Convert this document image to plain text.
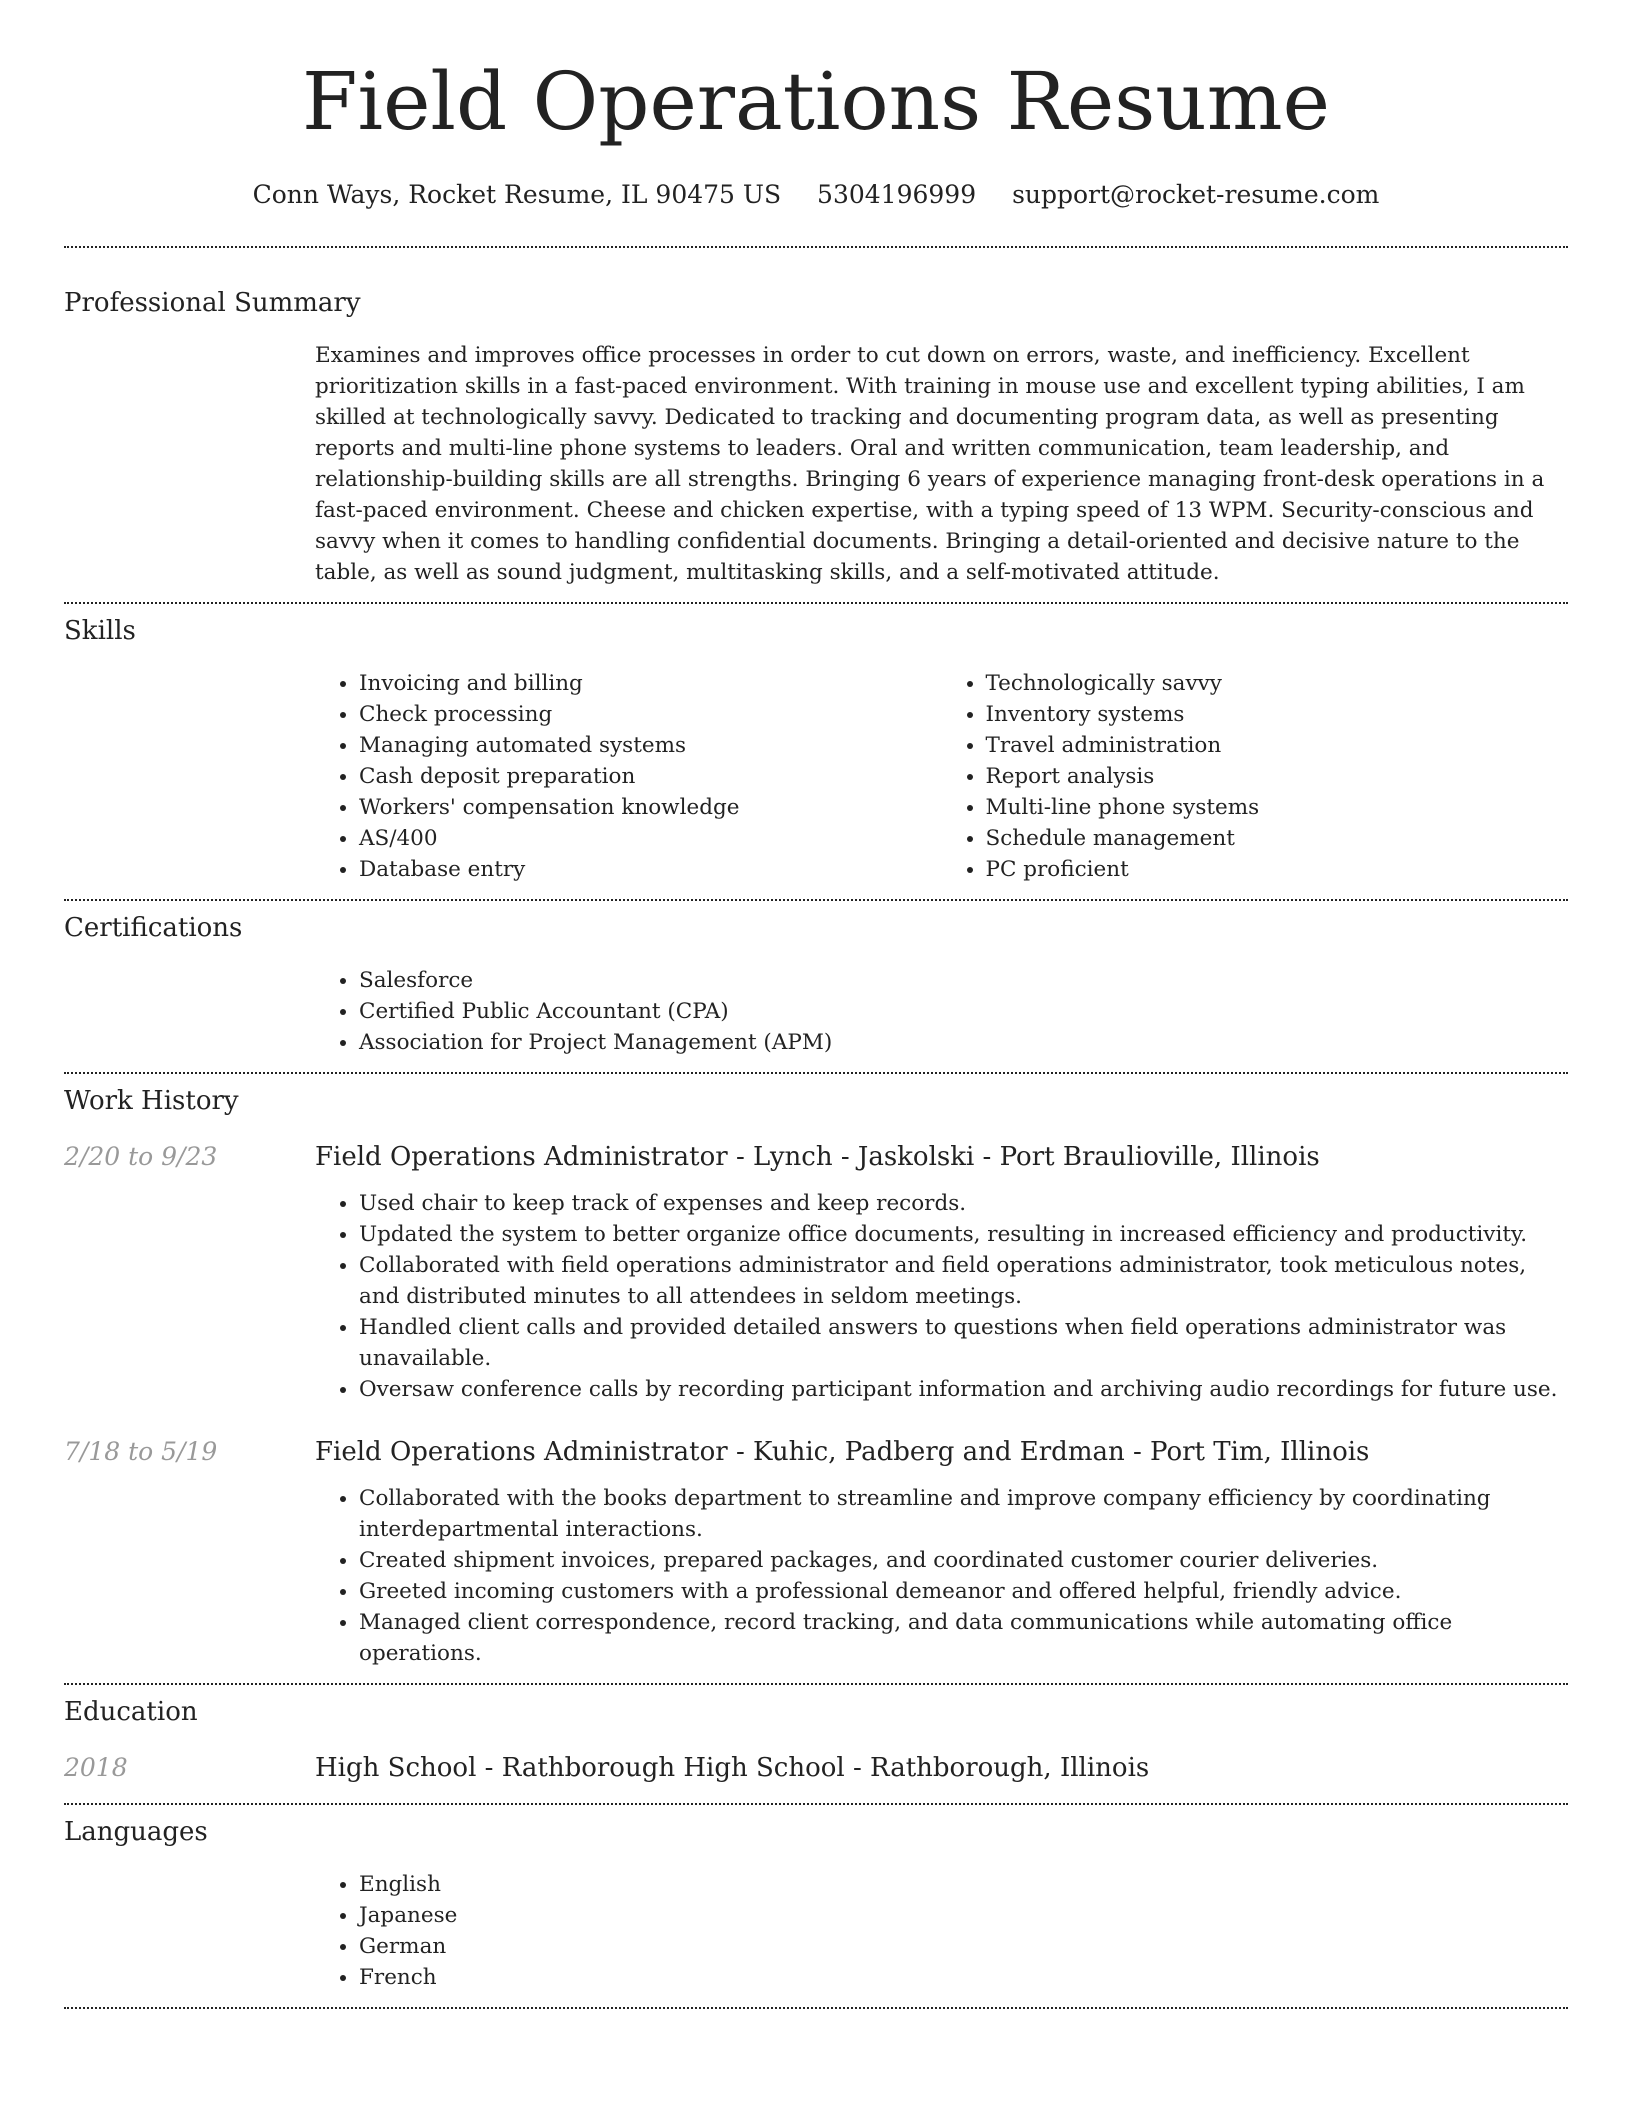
Field Operations Resume
Conn Ways, Rocket Resume, IL 90475 US 5304196999 support@rocket-resume.com
Professional Summary

Examines and improves office processes in order to cut down on errors, waste, and inefficiency. Excellent prioritization skills in a fast-paced environment. With training in mouse use and excellent typing abilities, I am skilled at technologically savvy. Dedicated to tracking and documenting program data, as well as presenting reports and multi-line phone systems to leaders. Oral and written communication, team leadership, and relationship-building skills are all strengths. Bringing 6 years of experience managing front-desk operations in a fast-paced environment. Cheese and chicken expertise, with a typing speed of 13 WPM. Security-conscious and savvy when it comes to handling confidential documents. Bringing a detail-oriented and decisive nature to the table, as well as sound judgment, multitasking skills, and a self-motivated attitude.

Skills
• Invoicing and billing
• Check processing
• Managing automated systems
• Cash deposit preparation
• Workers' compensation knowledge
• AS/400
• Database entry
• Technologically savvy
• Inventory systems
• Travel administration
• Report analysis
• Multi-line phone systems
• Schedule management
• PC proficient
Certifications
• Salesforce
• Certified Public Accountant (CPA)
• Association for Project Management (APM)
Work History
2/20 to 9/23	Field Operations Administrator - Lynch - Jaskolski - Port Braulioville, Illinois
• Used chair to keep track of expenses and keep records.
• Updated the system to better organize office documents, resulting in increased efficiency and productivity.
• Collaborated with field operations administrator and field operations administrator, took meticulous notes, and distributed minutes to all attendees in seldom meetings.
• Handled client calls and provided detailed answers to questions when field operations administrator was unavailable.
• Oversaw conference calls by recording participant information and archiving audio recordings for future use.
7/18 to 5/19	Field Operations Administrator - Kuhic, Padberg and Erdman - Port Tim, Illinois
• Collaborated with the books department to streamline and improve company efficiency by coordinating interdepartmental interactions.
• Created shipment invoices, prepared packages, and coordinated customer courier deliveries.
• Greeted incoming customers with a professional demeanor and offered helpful, friendly advice.
• Managed client correspondence, record tracking, and data communications while automating office operations.
Education
2018	High School - Rathborough High School - Rathborough, Illinois
Languages
• English
• Japanese
• German
• French
